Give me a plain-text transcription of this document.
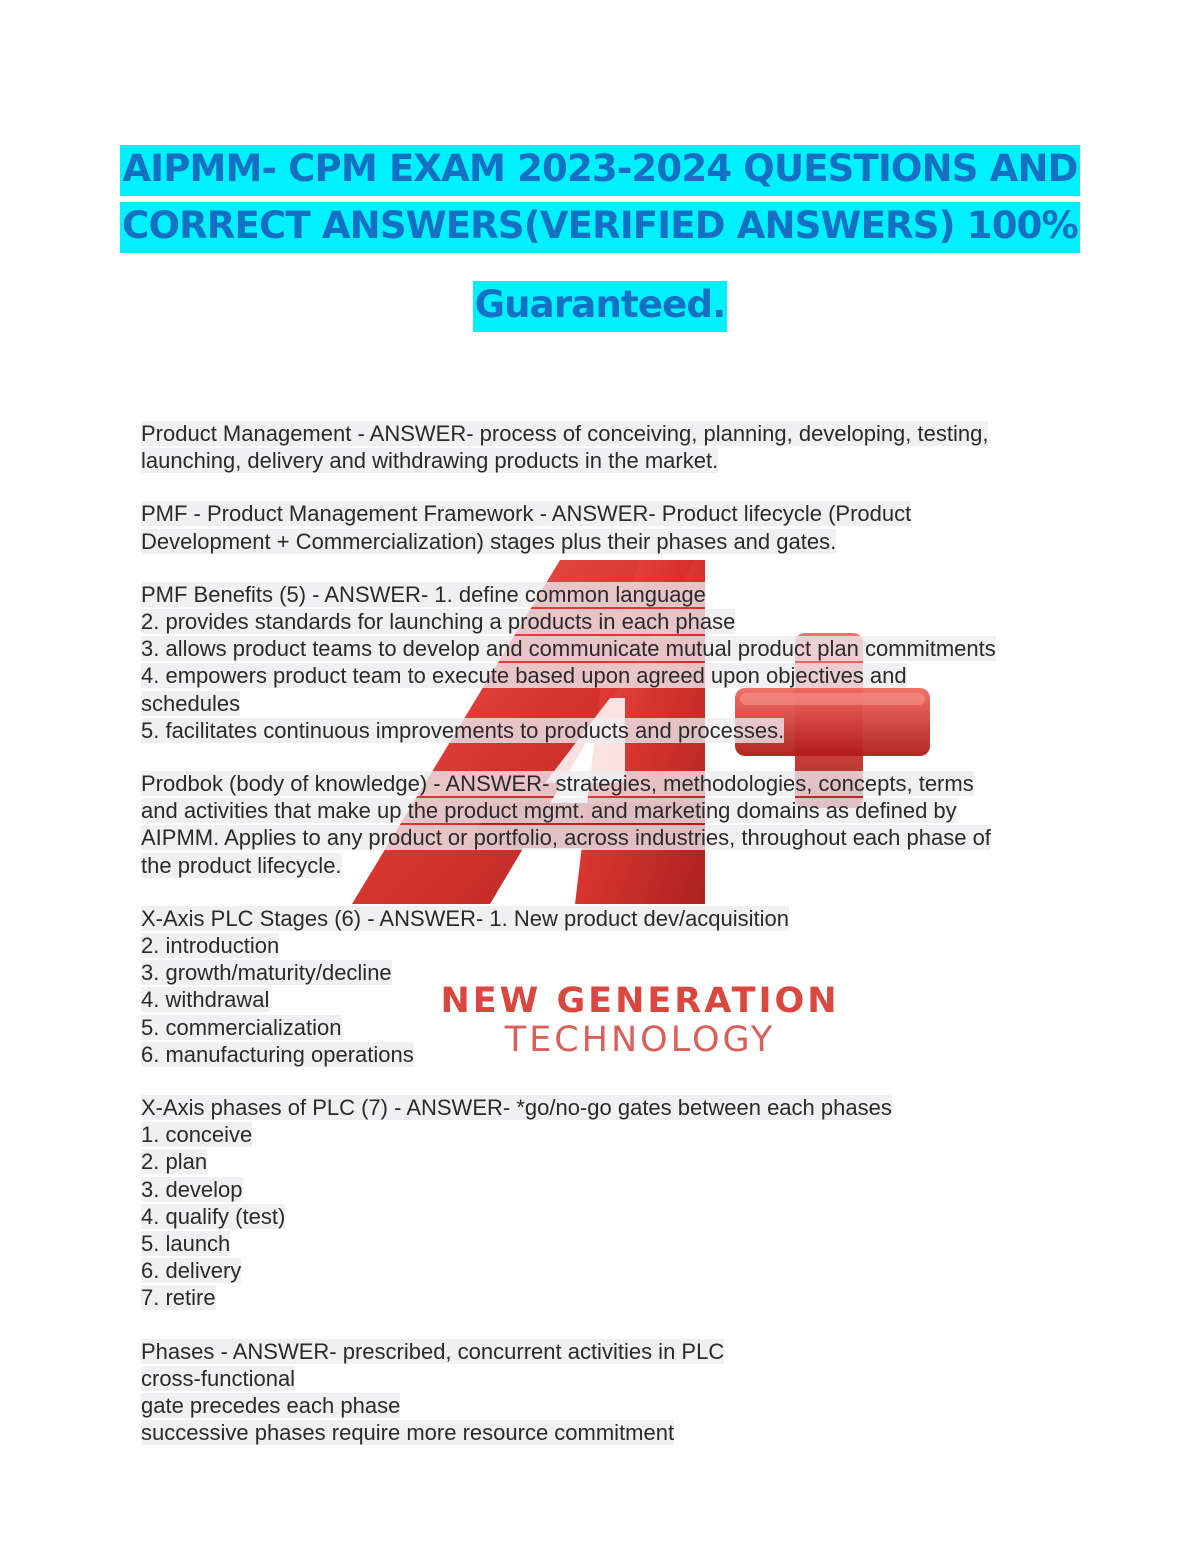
NEW GENERATION
TECHNOLOGY
AIPMM- CPM EXAM 2023-2024 QUESTIONS AND
CORRECT ANSWERS(VERIFIED ANSWERS) 100%
Guaranteed.

Product Management - ANSWER- process of conceiving, planning, developing, testing,

launching, delivery and withdrawing products in the market.

PMF - Product Management Framework - ANSWER- Product lifecycle (Product

Development + Commercialization) stages plus their phases and gates.

PMF Benefits (5) - ANSWER- 1. define common language

2. provides standards for launching a products in each phase

3. allows product teams to develop and communicate mutual product plan commitments

4. empowers product team to execute based upon agreed upon objectives and

schedules

5. facilitates continuous improvements to products and processes.

Prodbok (body of knowledge) - ANSWER- strategies, methodologies, concepts, terms

and activities that make up the product mgmt. and marketing domains as defined by

AIPMM. Applies to any product or portfolio, across industries, throughout each phase of

the product lifecycle.

X-Axis PLC Stages (6) - ANSWER- 1. New product dev/acquisition

2. introduction

3. growth/maturity/decline

4. withdrawal

5. commercialization

6. manufacturing operations

X-Axis phases of PLC (7) - ANSWER- *go/no-go gates between each phases

1. conceive

2. plan

3. develop

4. qualify (test)

5. launch

6. delivery

7. retire

Phases - ANSWER- prescribed, concurrent activities in PLC

cross-functional

gate precedes each phase

successive phases require more resource commitment
